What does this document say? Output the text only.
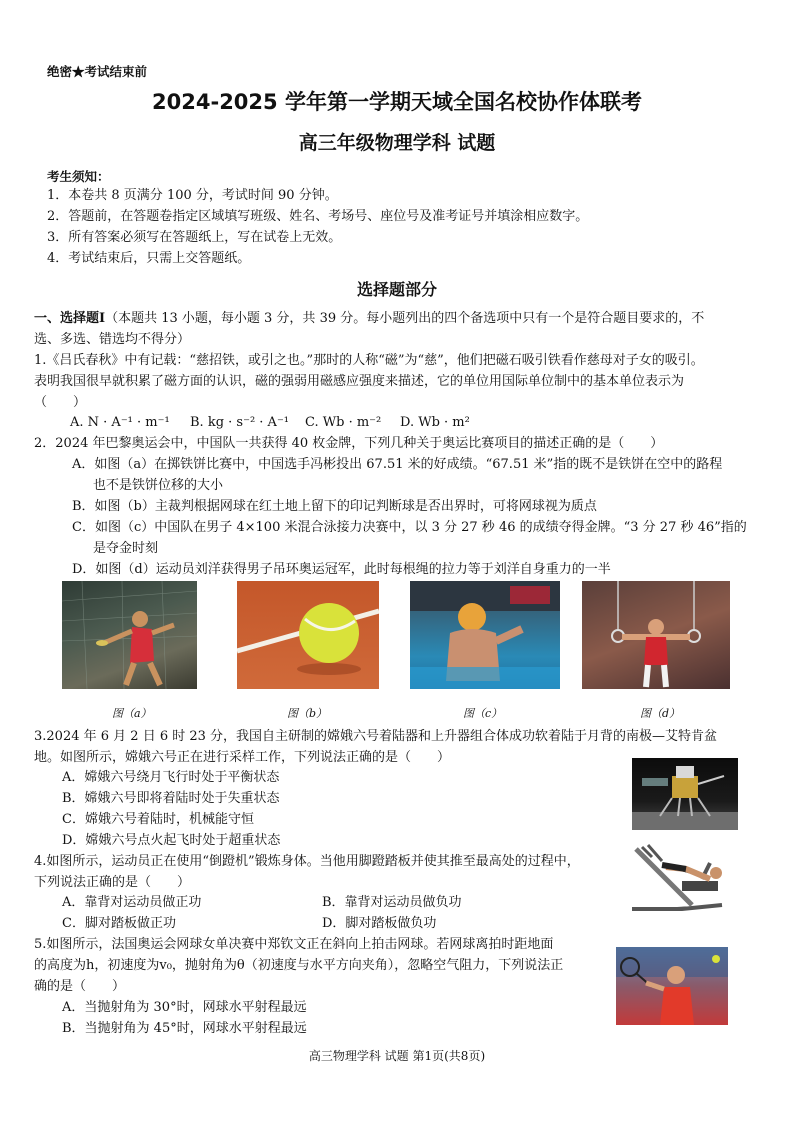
绝密★考试结束前
2024-2025 学年第一学期天域全国名校协作体联考
高三年级物理学科 试题
考生须知：
1．本卷共 8 页满分 100 分，考试时间 90 分钟。
2．答题前，在答题卷指定区域填写班级、姓名、考场号、座位号及准考证号并填涂相应数字。
3．所有答案必须写在答题纸上，写在试卷上无效。
4．考试结束后，只需上交答题纸。
选择题部分
一、选择题Ⅰ（本题共 13 小题，每小题 3 分，共 39 分。每小题列出的四个备选项中只有一个是符合题目要求的，不
选、多选、错选均不得分）
1.《吕氏春秋》中有记载：“慈招铁，或引之也。”那时的人称“磁”为“慈”，他们把磁石吸引铁看作慈母对子女的吸引。
表明我国很早就积累了磁方面的认识，磁的强弱用磁感应强度来描述，它的单位用国际单位制中的基本单位表示为
（　　）
A. N · A⁻¹ · m⁻¹ B. kg · s⁻² · A⁻¹ C. Wb · m⁻² D. Wb · m²
2．2024 年巴黎奥运会中，中国队一共获得 40 枚金牌，下列几种关于奥运比赛项目的描述正确的是（　　）
A．如图（a）在掷铁饼比赛中，中国选手冯彬投出 67.51 米的好成绩。“67.51 米”指的既不是铁饼在空中的路程
也不是铁饼位移的大小
B．如图（b）主裁判根据网球在红土地上留下的印记判断球是否出界时，可将网球视为质点
C．如图（c）中国队在男子 4×100 米混合泳接力决赛中，以 3 分 27 秒 46 的成绩夺得金牌。“3 分 27 秒 46”指的
是夺金时刻
D．如图（d）运动员刘洋获得男子吊环奥运冠军，此时每根绳的拉力等于刘洋自身重力的一半
图（a）	图（b）	图（c）	图（d）
3.2024 年 6 月 2 日 6 时 23 分，我国自主研制的嫦娥六号着陆器和上升器组合体成功软着陆于月背的南极—艾特肯盆
地。如图所示，嫦娥六号正在进行采样工作，下列说法正确的是（　　）
A．嫦娥六号绕月飞行时处于平衡状态
B．嫦娥六号即将着陆时处于失重状态
C．嫦娥六号着陆时，机械能守恒
D．嫦娥六号点火起飞时处于超重状态
4.如图所示，运动员正在使用“倒蹬机”锻炼身体。当他用脚蹬踏板并使其推至最高处的过程中，
下列说法正确的是（　　）
A．靠背对运动员做正功	B．靠背对运动员做负功
C．脚对踏板做正功	D．脚对踏板做负功
5.如图所示，法国奥运会网球女单决赛中郑钦文正在斜向上拍击网球。若网球离拍时距地面
的高度为h，初速度为v₀，抛射角为θ（初速度与水平方向夹角），忽略空气阻力，下列说法正
确的是（　　）
A．当抛射角为 30°时，网球水平射程最远
B．当抛射角为 45°时，网球水平射程最远
高三物理学科 试题 第1页(共8页)
